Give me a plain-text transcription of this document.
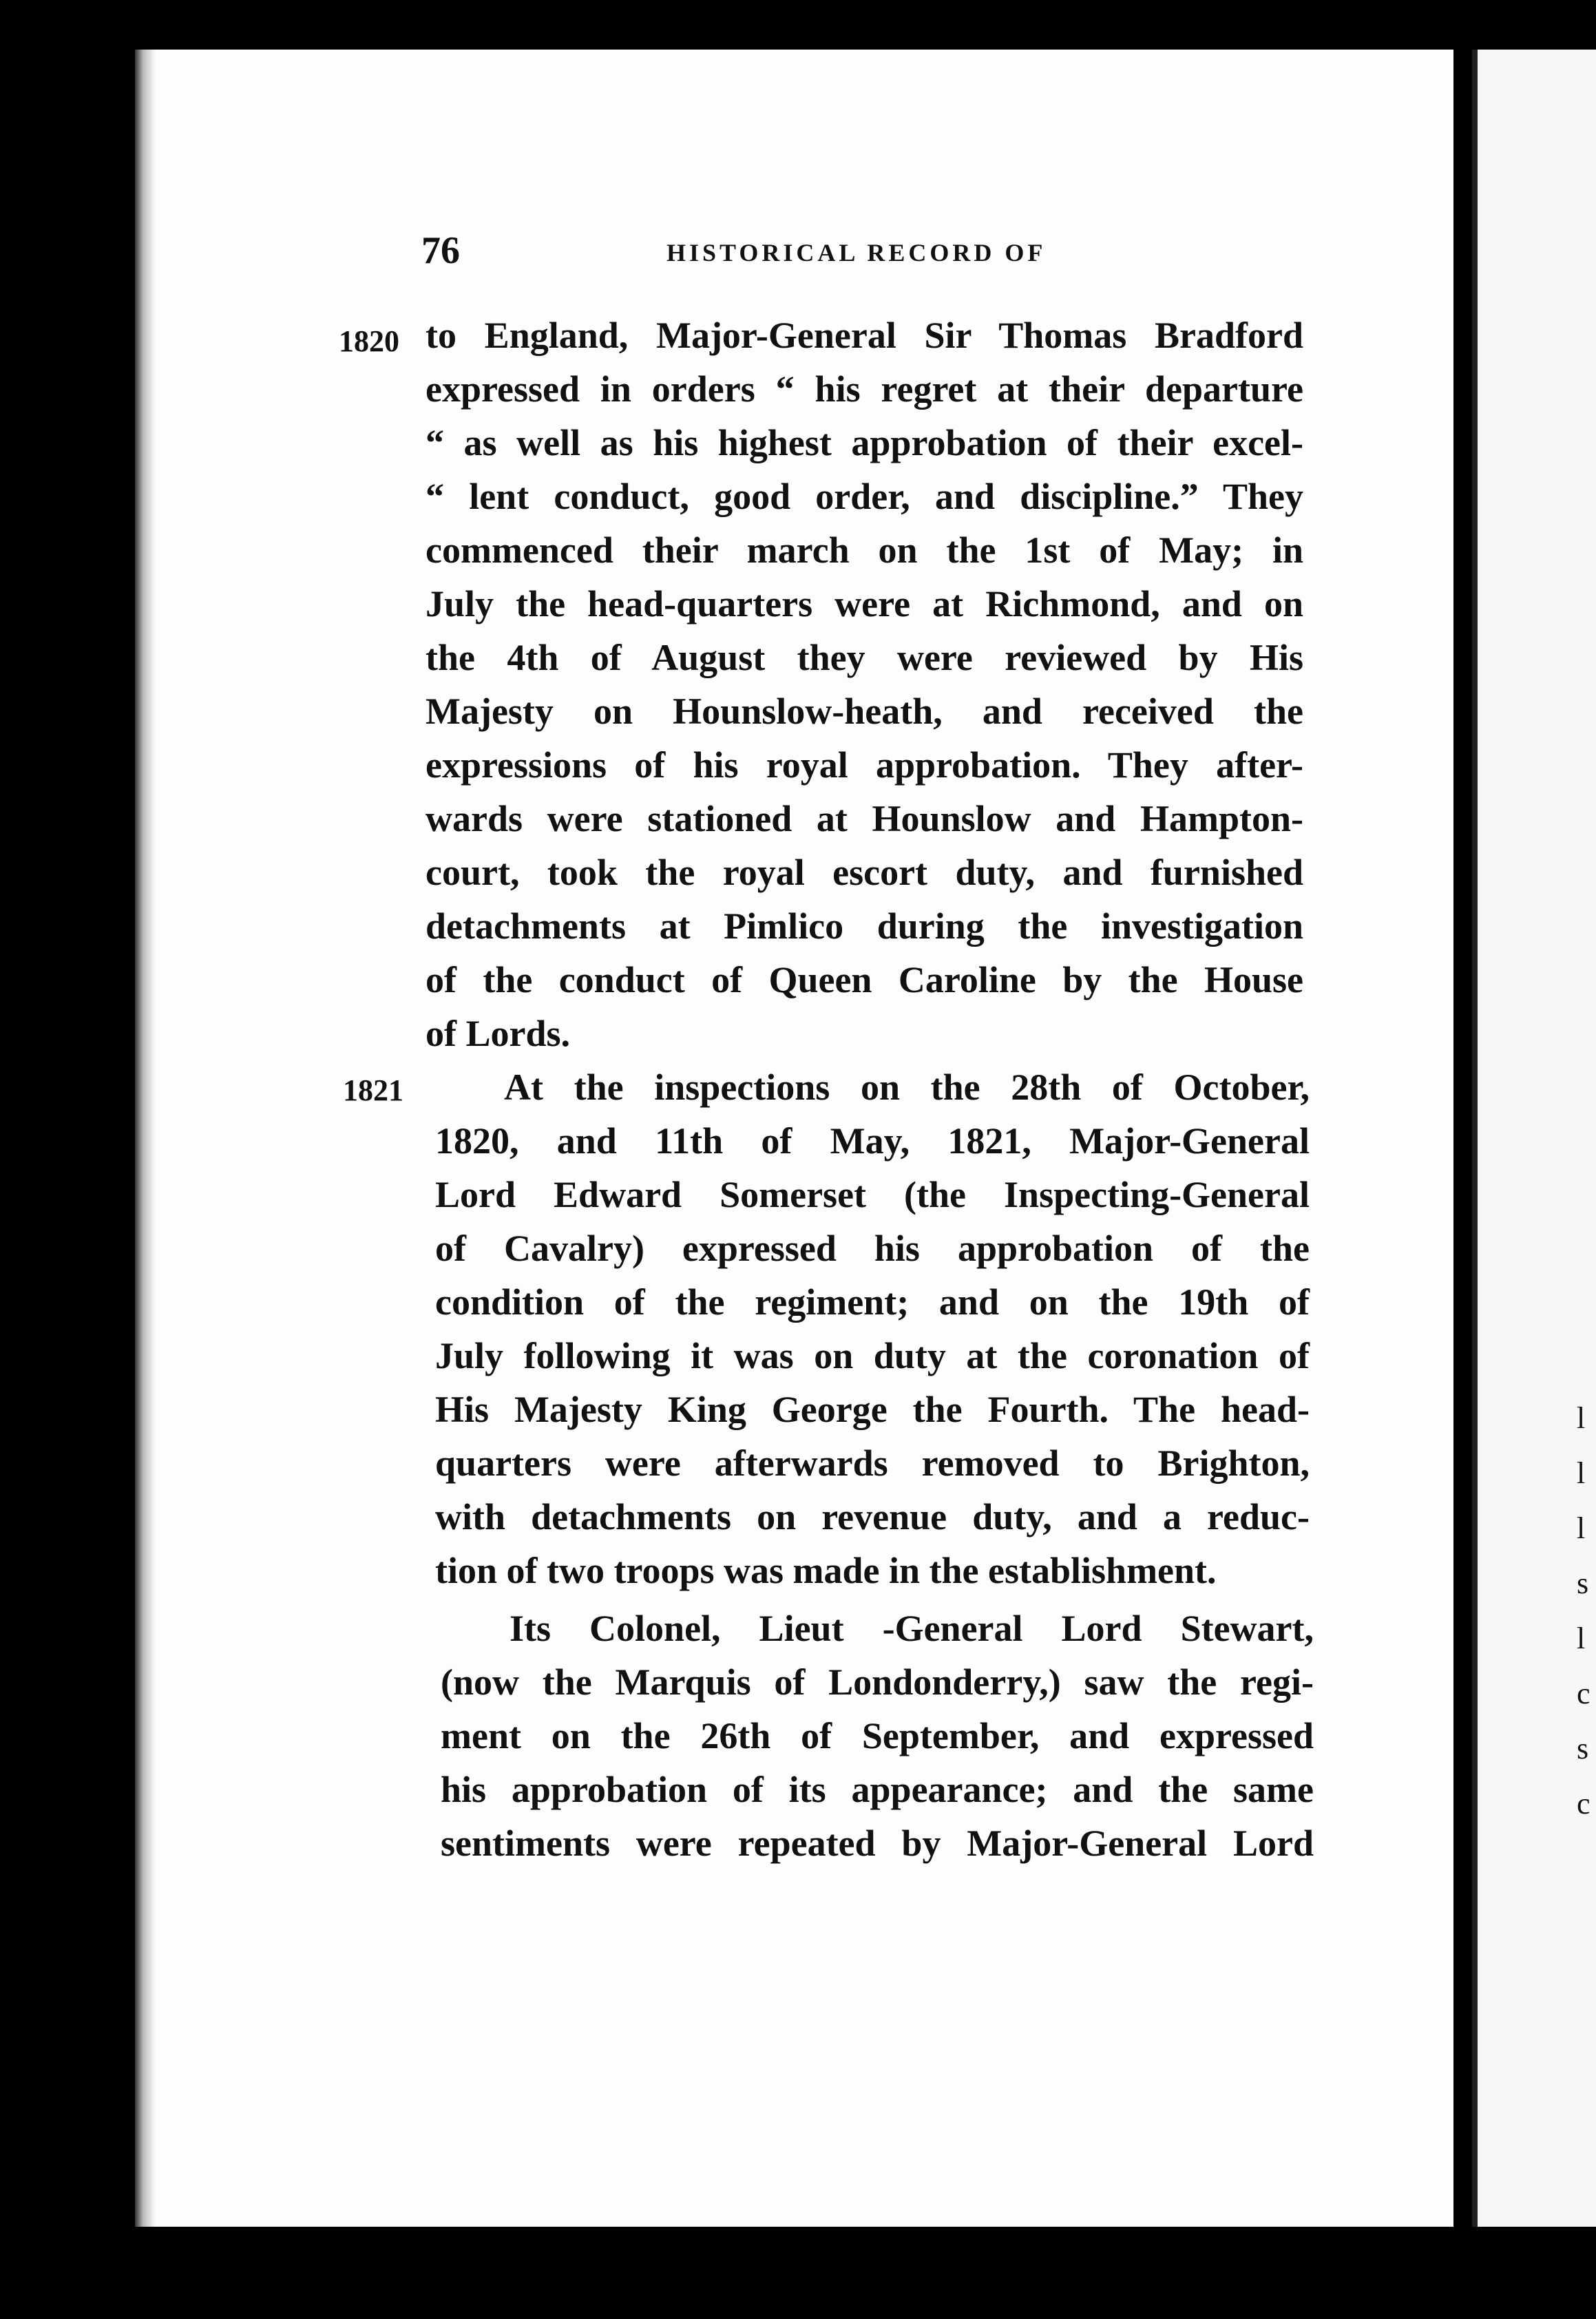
l
l
l
s
l
c
s
c
76	HISTORICAL RECORD OF
1820
1821
to England, Major-General Sir Thomas Bradford
expressed in orders “ his regret at their departure
“ as well as his highest approbation of their excel-
“ lent conduct, good order, and discipline.” They
commenced their march on the 1st of May; in
July the head-quarters were at Richmond, and on
the 4th of August they were reviewed by His
Majesty on Hounslow-heath, and received the
expressions of his royal approbation. They after-
wards were stationed at Hounslow and Hampton-
court, took the royal escort duty, and furnished
detachments at Pimlico during the investigation
of the conduct of Queen Caroline by the House
of Lords.
At the inspections on the 28th of October,
1820, and 11th of May, 1821, Major-General
Lord Edward Somerset (the Inspecting-General
of Cavalry) expressed his approbation of the
condition of the regiment; and on the 19th of
July following it was on duty at the coronation of
His Majesty King George the Fourth. The head-
quarters were afterwards removed to Brighton,
with detachments on revenue duty, and a reduc-
tion of two troops was made in the establishment.
Its Colonel, Lieut -General Lord Stewart,
(now the Marquis of Londonderry,) saw the regi-
ment on the 26th of September, and expressed
his approbation of its appearance; and the same
sentiments were repeated by Major-General Lord
